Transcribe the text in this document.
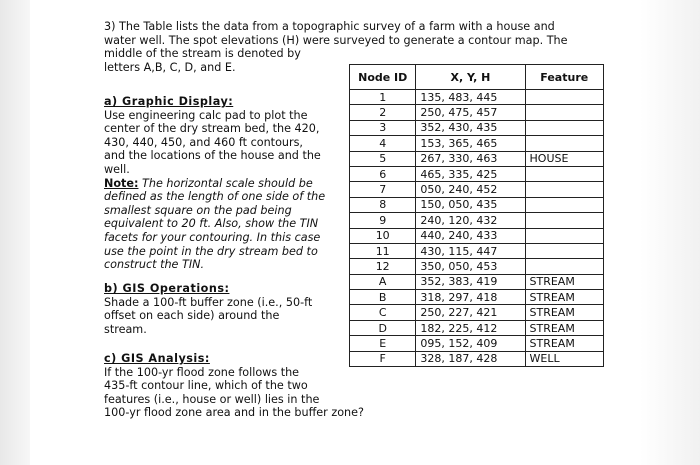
3) The Table lists the data from a topographic survey of a farm with a house and
water well. The spot elevations (H) were surveyed to generate a contour map. The
middle of the stream is denoted by
letters A,B, C, D, and E.
a) Graphic Display:
Use engineering calc pad to plot the
center of the dry stream bed, the 420,
430, 440, 450, and 460 ft contours,
and the locations of the house and the
well.
Note: The horizontal scale should be
defined as the length of one side of the
smallest square on the pad being
equivalent to 20 ft. Also, show the TIN
facets for your contouring. In this case
use the point in the dry stream bed to
construct the TIN.
b) GIS Operations:
Shade a 100-ft buffer zone (i.e., 50-ft
offset on each side) around the
stream.
c) GIS Analysis:
If the 100-yr flood zone follows the
435-ft contour line, which of the two
features (i.e., house or well) lies in the
100-yr flood zone area and in the buffer zone?
Node ID	X, Y, H	Feature
1	135, 483, 445	
2	250, 475, 457	
3	352, 430, 435	
4	153, 365, 465	
5	267, 330, 463	HOUSE
6	465, 335, 425	
7	050, 240, 452	
8	150, 050, 435	
9	240, 120, 432	
10	440, 240, 433	
11	430, 115, 447	
12	350, 050, 453	
A	352, 383, 419	STREAM
B	318, 297, 418	STREAM
C	250, 227, 421	STREAM
D	182, 225, 412	STREAM
E	095, 152, 409	STREAM
F	328, 187, 428	WELL
